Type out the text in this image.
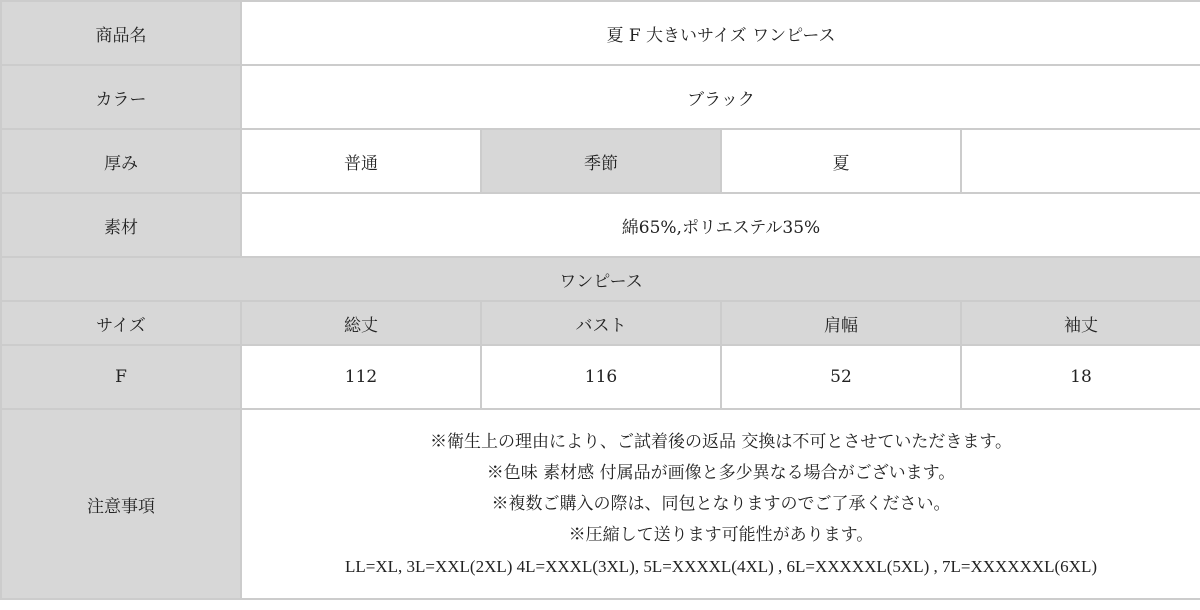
商品名	夏 F 大きいサイズ ワンピース			
カラー	ブラック			
厚み	普通	季節	夏	
素材	綿65%,ポリエステル35%			
ワンピース				
サイズ	総丈	バスト	肩幅	袖丈
F	112	116	52	18
注意事項	※衛生上の理由により、ご試着後の返品 交換は不可とさせていただきます。
※色味 素材感 付属品が画像と多少異なる場合がございます。
※複数ご購入の際は、同包となりますのでご了承ください。
※圧縮して送ります可能性があります。
LL=XL, 3L=XXL(2XL) 4L=XXXL(3XL), 5L=XXXXL(4XL) , 6L=XXXXXL(5XL) , 7L=XXXXXXL(6XL)			
